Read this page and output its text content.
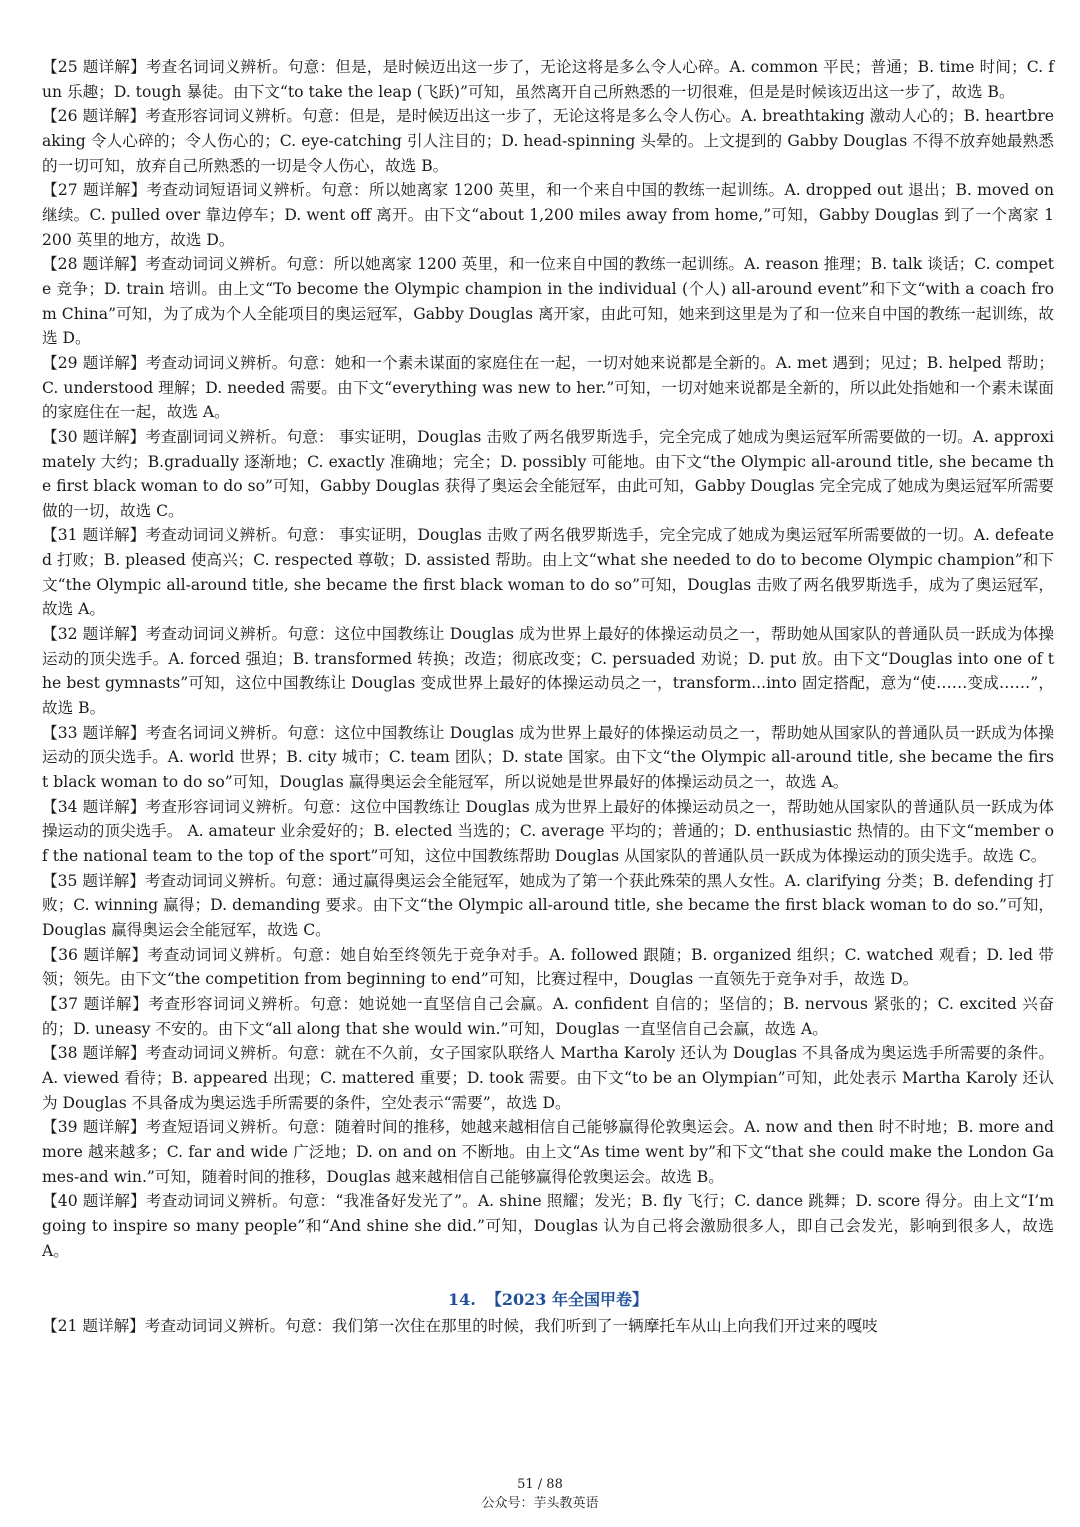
【25 题详解】考查名词词义辨析。句意：但是，是时候迈出这一步了，无论这将是多么令人心碎。A. common 平民；普通；B. time 时间；C. fun 乐趣；D. tough 暴徒。由下文“to take the leap (飞跃)”可知，虽然离开自己所熟悉的一切很难，但是是时候该迈出这一步了，故选 B。

【26 题详解】考查形容词词义辨析。句意：但是，是时候迈出这一步了，无论这将是多么令人伤心。A. breathtaking 激动人心的；B. heartbreaking 令人心碎的；令人伤心的；C. eye-catching 引人注目的；D. head-spinning 头晕的。上文提到的 Gabby Douglas 不得不放弃她最熟悉的一切可知，放弃自己所熟悉的一切是令人伤心，故选 B。

【27 题详解】考查动词短语词义辨析。句意：所以她离家 1200 英里，和一个来自中国的教练一起训练。A. dropped out 退出；B. moved on 继续。C. pulled over 靠边停车；D. went off 离开。由下文“about 1,200 miles away from home,”可知，Gabby Douglas 到了一个离家 1200 英里的地方，故选 D。

【28 题详解】考查动词词义辨析。句意：所以她离家 1200 英里，和一位来自中国的教练一起训练。A. reason 推理；B. talk 谈话；C. compete 竞争；D. train 培训。由上文“To become the Olympic champion in the individual (个人) all-around event”和下文“with a coach from China”可知，为了成为个人全能项目的奥运冠军，Gabby Douglas 离开家，由此可知，她来到这里是为了和一位来自中国的教练一起训练，故选 D。

【29 题详解】考查动词词义辨析。句意：她和一个素未谋面的家庭住在一起，一切对她来说都是全新的。A. met 遇到；见过；B. helped 帮助；C. understood 理解；D. needed 需要。由下文“everything was new to her.”可知，一切对她来说都是全新的，所以此处指她和一个素未谋面的家庭住在一起，故选 A。

【30 题详解】考查副词词义辨析。句意： 事实证明，Douglas 击败了两名俄罗斯选手，完全完成了她成为奥运冠军所需要做的一切。A. approximately 大约；B.gradually 逐渐地；C. exactly 准确地；完全；D. possibly 可能地。由下文“the Olympic all-around title, she became the first black woman to do so”可知，Gabby Douglas 获得了奥运会全能冠军，由此可知，Gabby Douglas 完全完成了她成为奥运冠军所需要做的一切，故选 C。

【31 题详解】考查动词词义辨析。句意： 事实证明，Douglas 击败了两名俄罗斯选手，完全完成了她成为奥运冠军所需要做的一切。A. defeated 打败；B. pleased 使高兴；C. respected 尊敬；D. assisted 帮助。由上文“what she needed to do to become Olympic champion”和下文“the Olympic all-around title, she became the first black woman to do so”可知，Douglas 击败了两名俄罗斯选手，成为了奥运冠军，故选 A。

【32 题详解】考查动词词义辨析。句意：这位中国教练让 Douglas 成为世界上最好的体操运动员之一，帮助她从国家队的普通队员一跃成为体操运动的顶尖选手。A. forced 强迫；B. transformed 转换；改造；彻底改变；C. persuaded 劝说；D. put 放。由下文“Douglas into one of the best gymnasts”可知，这位中国教练让 Douglas 变成世界上最好的体操运动员之一，transform...into 固定搭配，意为“使……变成……”，故选 B。

【33 题详解】考查名词词义辨析。句意：这位中国教练让 Douglas 成为世界上最好的体操运动员之一，帮助她从国家队的普通队员一跃成为体操运动的顶尖选手。A. world 世界；B. city 城市；C. team 团队；D. state 国家。由下文“the Olympic all-around title, she became the first black woman to do so”可知，Douglas 赢得奥运会全能冠军，所以说她是世界最好的体操运动员之一，故选 A。

【34 题详解】考查形容词词义辨析。句意：这位中国教练让 Douglas 成为世界上最好的体操运动员之一，帮助她从国家队的普通队员一跃成为体操运动的顶尖选手。 A. amateur 业余爱好的；B. elected 当选的；C. average 平均的；普通的；D. enthusiastic 热情的。由下文“member of the national team to the top of the sport”可知，这位中国教练帮助 Douglas 从国家队的普通队员一跃成为体操运动的顶尖选手。故选 C。

【35 题详解】考查动词词义辨析。句意：通过赢得奥运会全能冠军，她成为了第一个获此殊荣的黑人女性。A. clarifying 分类；B. defending 打败；C. winning 赢得；D. demanding 要求。由下文“the Olympic all-around title, she became the first black woman to do so.”可知，Douglas 赢得奥运会全能冠军，故选 C。

【36 题详解】考查动词词义辨析。句意：她自始至终领先于竞争对手。A. followed 跟随；B. organized 组织；C. watched 观看；D. led 带领；领先。由下文“the competition from beginning to end”可知，比赛过程中，Douglas 一直领先于竞争对手，故选 D。

【37 题详解】考查形容词词义辨析。句意：她说她一直坚信自己会赢。A. confident 自信的；坚信的；B. nervous 紧张的；C. excited 兴奋的；D. uneasy 不安的。由下文“all along that she would win.”可知，Douglas 一直坚信自己会赢，故选 A。

【38 题详解】考查动词词义辨析。句意：就在不久前，女子国家队联络人 Martha Karoly 还认为 Douglas 不具备成为奥运选手所需要的条件。A. viewed 看待；B. appeared 出现；C. mattered 重要；D. took 需要。由下文“to be an Olympian”可知，此处表示 Martha Karoly 还认为 Douglas 不具备成为奥运选手所需要的条件，空处表示“需要”，故选 D。

【39 题详解】考查短语词义辨析。句意：随着时间的推移，她越来越相信自己能够赢得伦敦奥运会。A. now and then 时不时地；B. more and more 越来越多；C. far and wide 广泛地；D. on and on 不断地。由上文“As time went by”和下文“that she could make the London Games-and win.”可知，随着时间的推移，Douglas 越来越相信自己能够赢得伦敦奥运会。故选 B。

【40 题详解】考查动词词义辨析。句意：“我准备好发光了”。A. shine 照耀；发光；B. fly 飞行；C. dance 跳舞；D. score 得分。由上文“I’m going to inspire so many people”和“And shine she did.”可知，Douglas 认为自己将会激励很多人，即自己会发光，影响到很多人，故选 A。

14. 【2023 年全国甲卷】

【21 题详解】考查动词词义辨析。句意：我们第一次住在那里的时候，我们听到了一辆摩托车从山上向我们开过来的嘎吱

51 / 88
公众号：芋头教英语
